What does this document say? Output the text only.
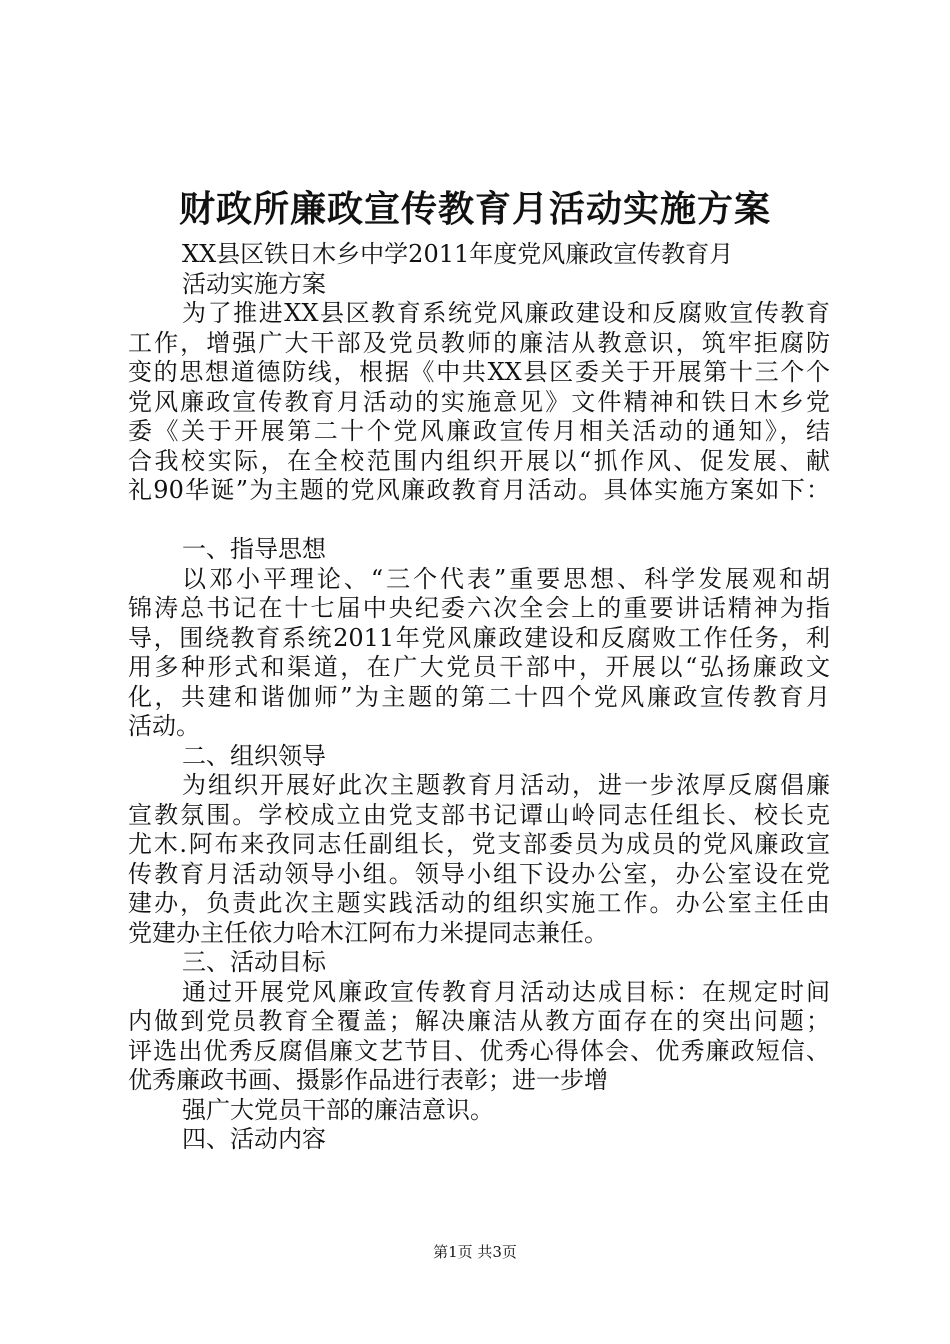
财政所廉政宣传教育月活动实施方案
XX县区铁日木乡中学2011年度党风廉政宣传教育月
活动实施方案
为了推进XX县区教育系统党风廉政建设和反腐败宣传教育
工作，增强广大干部及党员教师的廉洁从教意识，筑牢拒腐防
变的思想道德防线，根据《中共XX县区委关于开展第十三个个
党风廉政宣传教育月活动的实施意见》文件精神和铁日木乡党
委《关于开展第二十个党风廉政宣传月相关活动的通知》，结
合我校实际，在全校范围内组织开展以“抓作风、促发展、献
礼90华诞”为主题的党风廉政教育月活动。具体实施方案如下：
一、指导思想
以邓小平理论、“三个代表”重要思想、科学发展观和胡
锦涛总书记在十七届中央纪委六次全会上的重要讲话精神为指
导，围绕教育系统2011年党风廉政建设和反腐败工作任务，利
用多种形式和渠道，在广大党员干部中，开展以“弘扬廉政文
化，共建和谐伽师”为主题的第二十四个党风廉政宣传教育月
活动。
二、组织领导
为组织开展好此次主题教育月活动，进一步浓厚反腐倡廉
宣教氛围。学校成立由党支部书记谭山岭同志任组长、校长克
尤木.阿布来孜同志任副组长，党支部委员为成员的党风廉政宣
传教育月活动领导小组。领导小组下设办公室，办公室设在党
建办，负责此次主题实践活动的组织实施工作。办公室主任由
党建办主任依力哈木江阿布力米提同志兼任。
三、活动目标
通过开展党风廉政宣传教育月活动达成目标：在规定时间
内做到党员教育全覆盖；解决廉洁从教方面存在的突出问题；
评选出优秀反腐倡廉文艺节目、优秀心得体会、优秀廉政短信、
优秀廉政书画、摄影作品进行表彰；进一步增
强广大党员干部的廉洁意识。
四、活动内容
第1页 共3页
